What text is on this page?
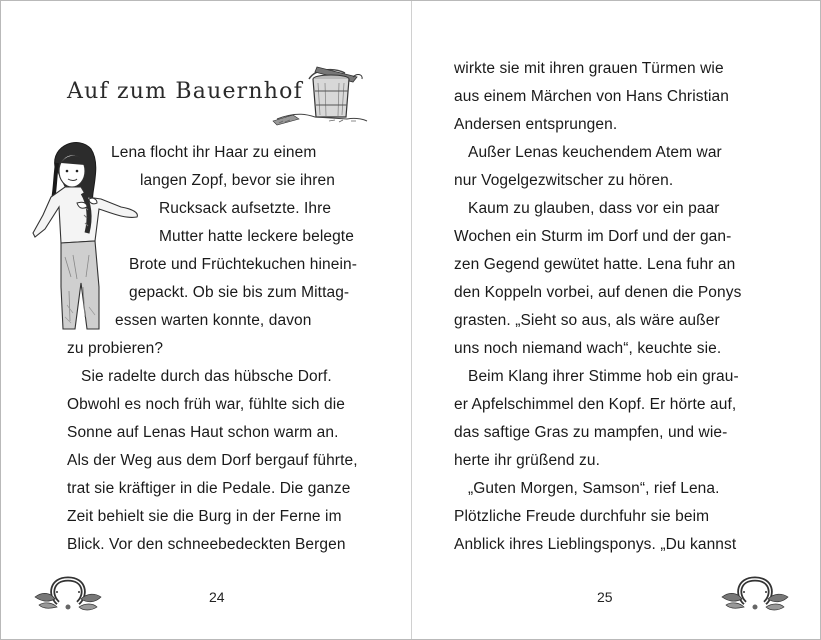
Auf zum Bauernhof
Lena flocht ihr Haar zu einem
langen Zopf, bevor sie ihren
Rucksack aufsetzte. Ihre
Mutter hatte leckere belegte
Brote und Früchtekuchen hinein-
gepackt. Ob sie bis zum Mittag-
essen warten konnte, davon
zu probieren?
Sie radelte durch das hübsche Dorf.
Obwohl es noch früh war, fühlte sich die
Sonne auf Lenas Haut schon warm an.
Als der Weg aus dem Dorf bergauf führte,
trat sie kräftiger in die Pedale. Die ganze
Zeit behielt sie die Burg in der Ferne im
Blick. Vor den schneebedeckten Bergen
24
wirkte sie mit ihren grauen Türmen wie
aus einem Märchen von Hans Christian
Andersen entsprungen.
Außer Lenas keuchendem Atem war
nur Vogelgezwitscher zu hören.
Kaum zu glauben, dass vor ein paar
Wochen ein Sturm im Dorf und der gan-
zen Gegend gewütet hatte. Lena fuhr an
den Koppeln vorbei, auf denen die Ponys
grasten. „Sieht so aus, als wäre außer
uns noch niemand wach“, keuchte sie.
Beim Klang ihrer Stimme hob ein grau-
er Apfelschimmel den Kopf. Er hörte auf,
das saftige Gras zu mampfen, und wie-
herte ihr grüßend zu.
„Guten Morgen, Samson“, rief Lena.
Plötzliche Freude durchfuhr sie beim
Anblick ihres Lieblingsponys. „Du kannst
25
